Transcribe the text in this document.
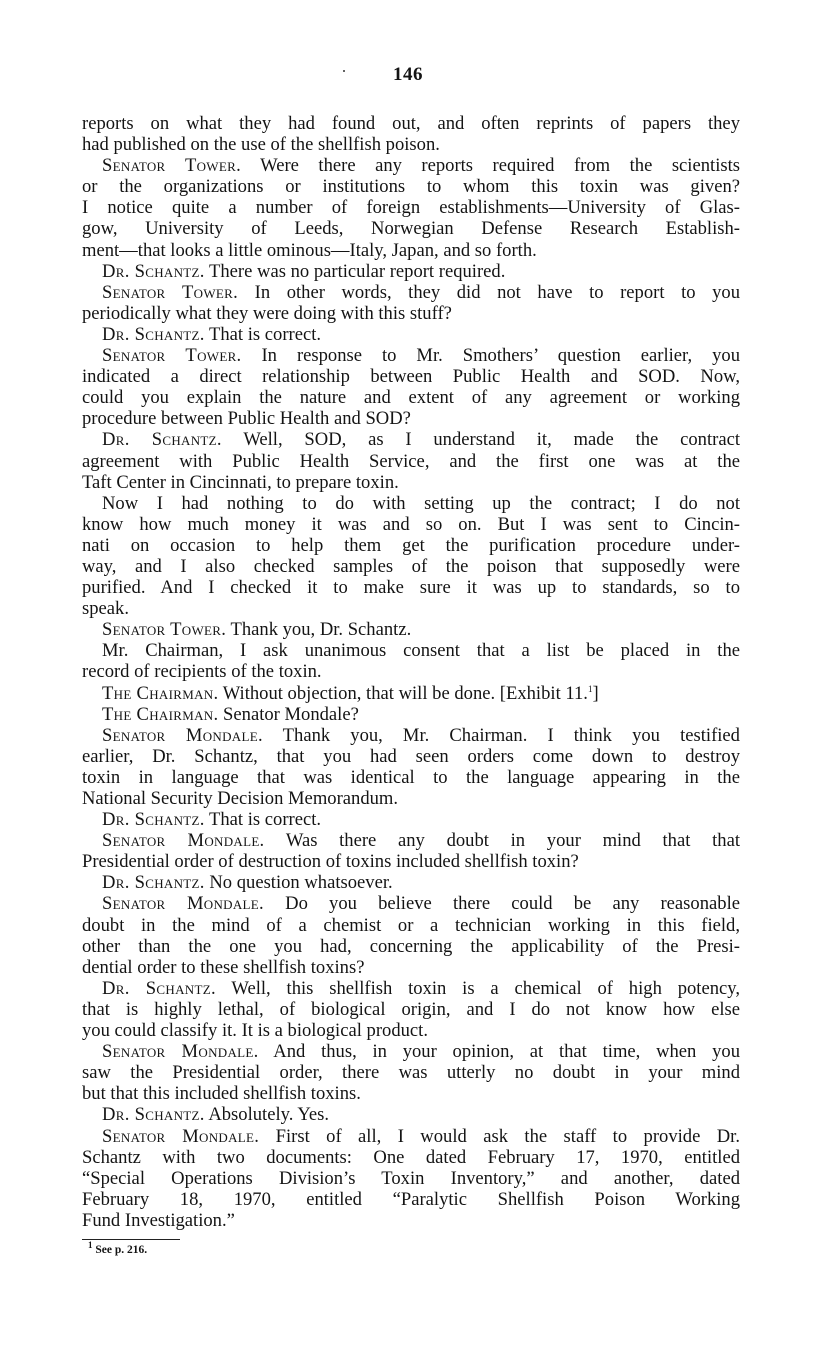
146
reports on what they had found out, and often reprints of papers they
had published on the use of the shellfish poison.
Senator Tower. Were there any reports required from the scientists
or the organizations or institutions to whom this toxin was given?
I notice quite a number of foreign establishments—University of Glas-
gow, University of Leeds, Norwegian Defense Research Establish-
ment—that looks a little ominous—Italy, Japan, and so forth.
Dr. Schantz. There was no particular report required.
Senator Tower. In other words, they did not have to report to you
periodically what they were doing with this stuff?
Dr. Schantz. That is correct.
Senator Tower. In response to Mr. Smothers’ question earlier, you
indicated a direct relationship between Public Health and SOD. Now,
could you explain the nature and extent of any agreement or working
procedure between Public Health and SOD?
Dr. Schantz. Well, SOD, as I understand it, made the contract
agreement with Public Health Service, and the first one was at the
Taft Center in Cincinnati, to prepare toxin.
Now I had nothing to do with setting up the contract; I do not
know how much money it was and so on. But I was sent to Cincin-
nati on occasion to help them get the purification procedure under-
way, and I also checked samples of the poison that supposedly were
purified. And I checked it to make sure it was up to standards, so to
speak.
Senator Tower. Thank you, Dr. Schantz.
Mr. Chairman, I ask unanimous consent that a list be placed in the
record of recipients of the toxin.
The Chairman. Without objection, that will be done. [Exhibit 11.$^1$]
The Chairman. Senator Mondale?
Senator Mondale. Thank you, Mr. Chairman. I think you testified
earlier, Dr. Schantz, that you had seen orders come down to destroy
toxin in language that was identical to the language appearing in the
National Security Decision Memorandum.
Dr. Schantz. That is correct.
Senator Mondale. Was there any doubt in your mind that that
Presidential order of destruction of toxins included shellfish toxin?
Dr. Schantz. No question whatsoever.
Senator Mondale. Do you believe there could be any reasonable
doubt in the mind of a chemist or a technician working in this field,
other than the one you had, concerning the applicability of the Presi-
dential order to these shellfish toxins?
Dr. Schantz. Well, this shellfish toxin is a chemical of high potency,
that is highly lethal, of biological origin, and I do not know how else
you could classify it. It is a biological product.
Senator Mondale. And thus, in your opinion, at that time, when you
saw the Presidential order, there was utterly no doubt in your mind
but that this included shellfish toxins.
Dr. Schantz. Absolutely. Yes.
Senator Mondale. First of all, I would ask the staff to provide Dr.
Schantz with two documents: One dated February 17, 1970, entitled
“Special Operations Division’s Toxin Inventory,” and another, dated
February 18, 1970, entitled “Paralytic Shellfish Poison Working
Fund Investigation.”
$^1$ See p. 216.
